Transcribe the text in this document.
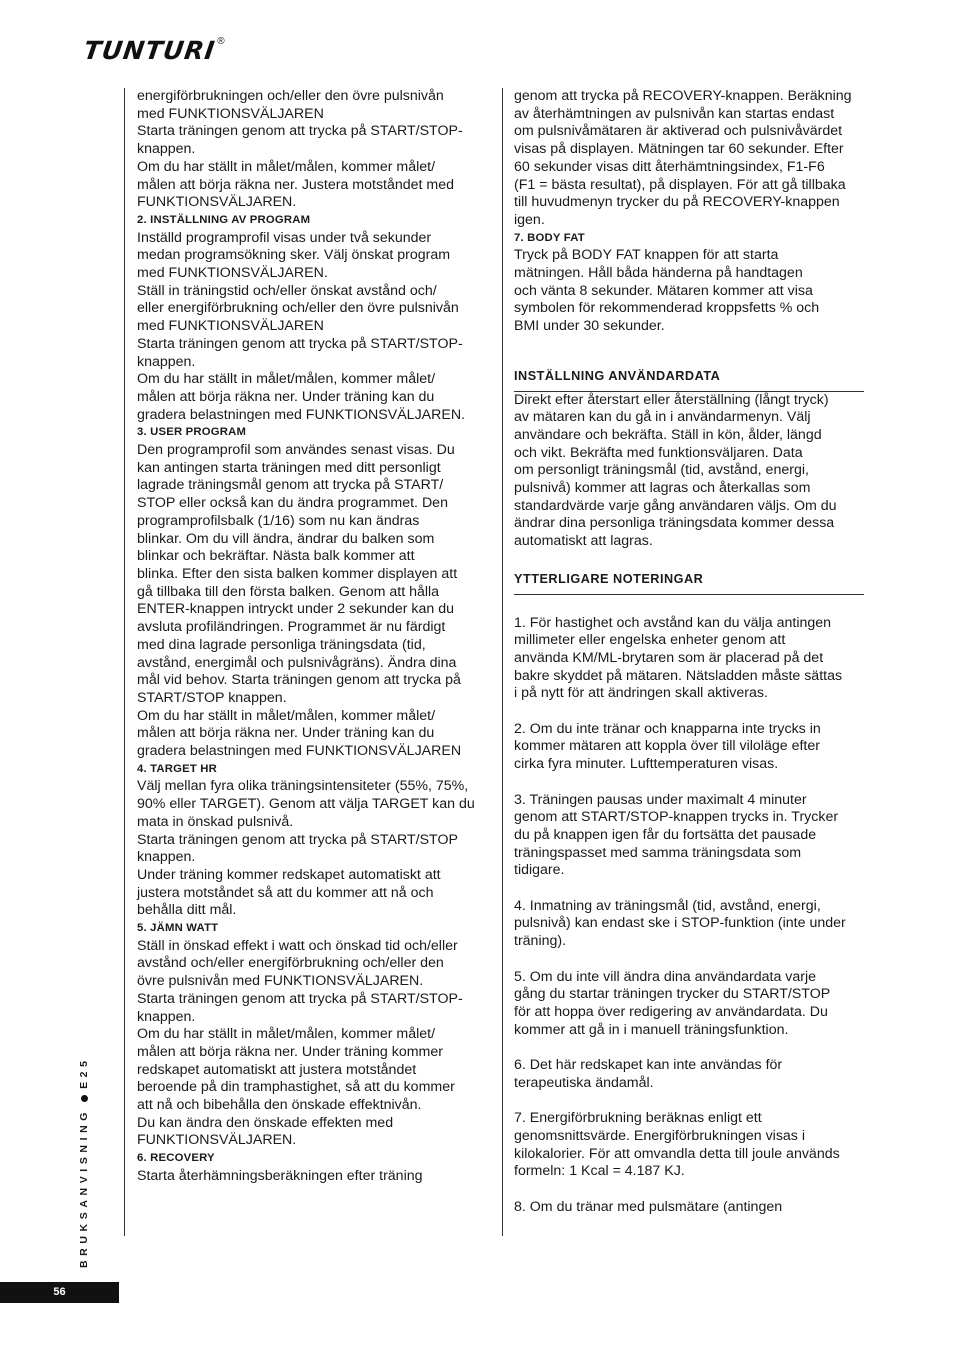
TUNTURI®

energiförbrukningen och/eller den övre pulsnivån
med FUNKTIONSVÄLJAREN
Starta träningen genom att trycka på START/STOP-
knappen.
Om du har ställt in målet/målen, kommer målet/
målen att börja räkna ner. Justera motståndet med
FUNKTIONSVÄLJAREN.

2. INSTÄLLNING AV PROGRAM

Inställd programprofil visas under två sekunder
medan programsökning sker. Välj önskat program
med FUNKTIONSVÄLJAREN.
Ställ in träningstid och/eller önskat avstånd och/
eller energiförbrukning och/eller den övre pulsnivån
med FUNKTIONSVÄLJAREN
Starta träningen genom att trycka på START/STOP-
knappen.
Om du har ställt in målet/målen, kommer målet/
målen att börja räkna ner. Under träning kan du
gradera belastningen med FUNKTIONSVÄLJAREN.

3. USER PROGRAM

Den programprofil som användes senast visas. Du
kan antingen starta träningen med ditt personligt
lagrade träningsmål genom att trycka på START/
STOP eller också kan du ändra programmet. Den
programprofilsbalk (1/16) som nu kan ändras
blinkar. Om du vill ändra, ändrar du balken som
blinkar och bekräftar. Nästa balk kommer att
blinka. Efter den sista balken kommer displayen att
gå tillbaka till den första balken. Genom att hålla
ENTER-knappen intryckt under 2 sekunder kan du
avsluta profiländringen. Programmet är nu färdigt
med dina lagrade personliga träningsdata (tid,
avstånd, energimål och pulsnivågräns). Ändra dina
mål vid behov. Starta träningen genom att trycka på
START/STOP knappen.
Om du har ställt in målet/målen, kommer målet/
målen att börja räkna ner. Under träning kan du
gradera belastningen med FUNKTIONSVÄLJAREN

4. TARGET HR

Välj mellan fyra olika träningsintensiteter (55%, 75%,
90% eller TARGET). Genom att välja TARGET kan du
mata in önskad pulsnivå.
Starta träningen genom att trycka på START/STOP
knappen.
Under träning kommer redskapet automatiskt att
justera motståndet så att du kommer att nå och
behålla ditt mål.

5. JÄMN WATT

Ställ in önskad effekt i watt och önskad tid och/eller
avstånd och/eller energiförbrukning och/eller den
övre pulsnivån med FUNKTIONSVÄLJAREN.
Starta träningen genom att trycka på START/STOP-
knappen.
Om du har ställt in målet/målen, kommer målet/
målen att börja räkna ner. Under träning kommer
redskapet automatiskt att justera motståndet
beroende på din tramphastighet, så att du kommer
att nå och bibehålla den önskade effektnivån.
Du kan ändra den önskade effekten med
FUNKTIONSVÄLJAREN.

6. RECOVERY

Starta återhämningsberäkningen efter träning

genom att trycka på RECOVERY-knappen. Beräkning
av återhämtningen av pulsnivån kan startas endast
om pulsnivåmätaren är aktiverad och pulsnivåvärdet
visas på displayen. Mätningen tar 60 sekunder. Efter
60 sekunder visas ditt återhämtningsindex, F1-F6
(F1 = bästa resultat), på displayen. För att gå tillbaka
till huvudmenyn trycker du på RECOVERY-knappen
igen.

7. BODY FAT

Tryck på BODY FAT knappen för att starta
mätningen. Håll båda händerna på handtagen
och vänta 8 sekunder. Mätaren kommer att visa
symbolen för rekommenderad kroppsfetts % och
BMI under 30 sekunder.

INSTÄLLNING ANVÄNDARDATA

Direkt efter återstart eller återställning (långt tryck)
av mätaren kan du gå in i användarmenyn. Välj
användare och bekräfta. Ställ in kön, ålder, längd
och vikt. Bekräfta med funktionsväljaren. Data
om personligt träningsmål (tid, avstånd, energi,
pulsnivå) kommer att lagras och återkallas som
standardvärde varje gång användaren väljs. Om du
ändrar dina personliga träningsdata kommer dessa
automatiskt att lagras.

YTTERLIGARE NOTERINGAR

1. För hastighet och avstånd kan du välja antingen
millimeter eller engelska enheter genom att
använda KM/ML-brytaren som är placerad på det
bakre skyddet på mätaren. Nätsladden måste sättas
i på nytt för att ändringen skall aktiveras.

2. Om du inte tränar och knapparna inte trycks in
kommer mätaren att koppla över till viloläge efter
cirka fyra minuter. Lufttemperaturen visas.

3. Träningen pausas under maximalt 4 minuter
genom att START/STOP-knappen trycks in. Trycker
du på knappen igen får du fortsätta det pausade
träningspasset med samma träningsdata som
tidigare.

4. Inmatning av träningsmål (tid, avstånd, energi,
pulsnivå) kan endast ske i STOP-funktion (inte under
träning).

5. Om du inte vill ändra dina användardata varje
gång du startar träningen trycker du START/STOP
för att hoppa över redigering av användardata. Du
kommer att gå in i manuell träningsfunktion.

6. Det här redskapet kan inte användas för
terapeutiska ändamål.

7. Energiförbrukning beräknas enligt ett
genomsnittsvärde. Energiförbrukningen visas i
kilokalorier. För att omvandla detta till joule används
formeln: 1 Kcal = 4.187 KJ.

8. Om du tränar med pulsmätare (antingen

BRUKSANVISNINGE25
56
